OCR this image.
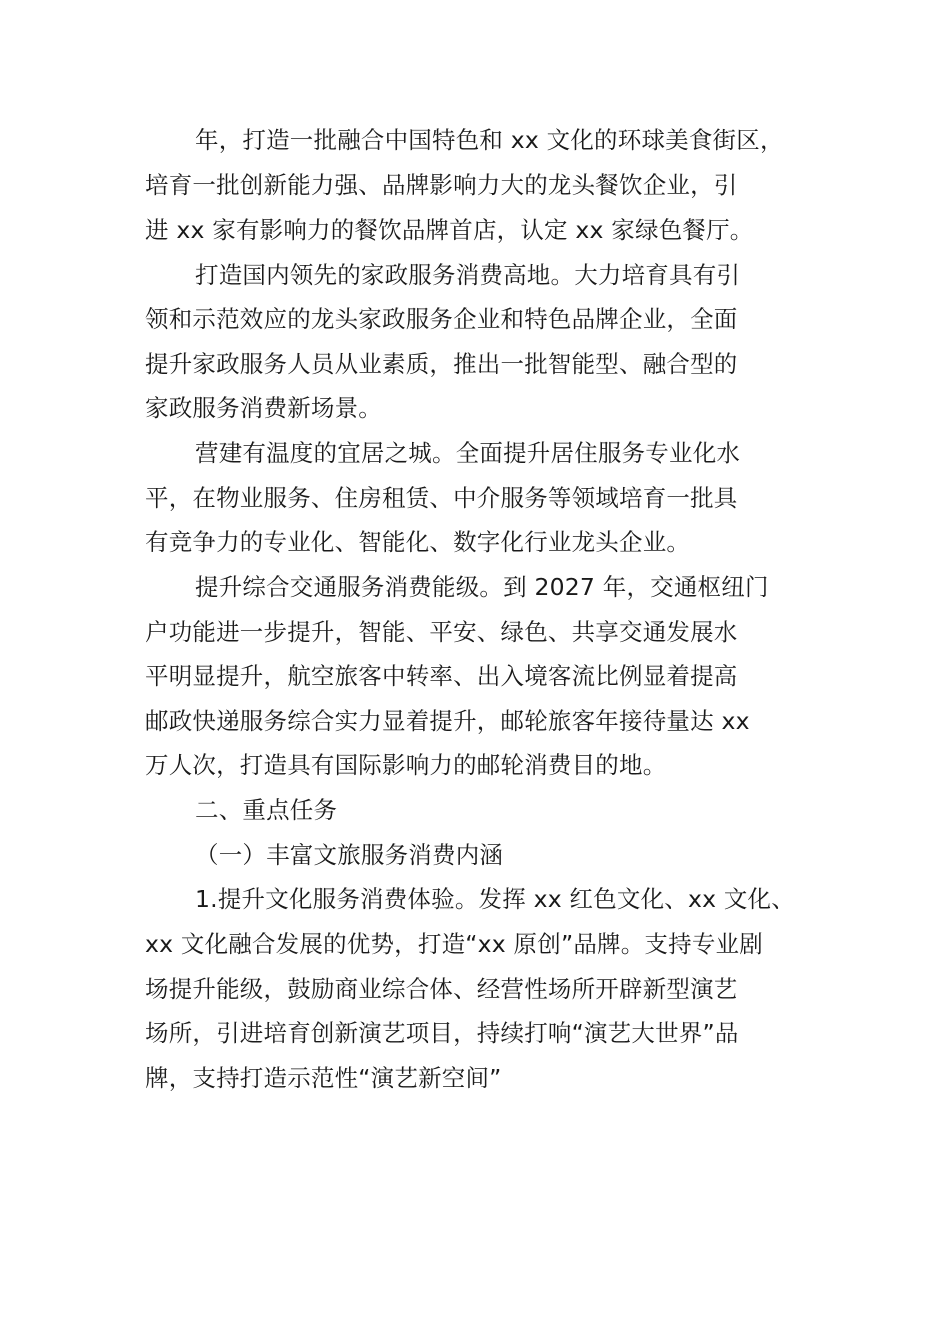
年，打造一批融合中国特色和 xx 文化的环球美食街区，
培育一批创新能力强、品牌影响力大的龙头餐饮企业，引
进 xx 家有影响力的餐饮品牌首店，认定 xx 家绿色餐厅。
打造国内领先的家政服务消费高地。大力培育具有引
领和示范效应的龙头家政服务企业和特色品牌企业，全面
提升家政服务人员从业素质，推出一批智能型、融合型的
家政服务消费新场景。
营建有温度的宜居之城。全面提升居住服务专业化水
平，在物业服务、住房租赁、中介服务等领域培育一批具
有竞争力的专业化、智能化、数字化行业龙头企业。
提升综合交通服务消费能级。到 2027 年，交通枢纽门
户功能进一步提升，智能、平安、绿色、共享交通发展水
平明显提升，航空旅客中转率、出入境客流比例显着提高
邮政快递服务综合实力显着提升，邮轮旅客年接待量达 xx
万人次，打造具有国际影响力的邮轮消费目的地。
二、重点任务
（一）丰富文旅服务消费内涵
1.提升文化服务消费体验。发挥 xx 红色文化、xx 文化、
xx 文化融合发展的优势，打造“xx 原创”品牌。支持专业剧
场提升能级，鼓励商业综合体、经营性场所开辟新型演艺
场所，引进培育创新演艺项目，持续打响“演艺大世界”品
牌，支持打造示范性“演艺新空间”
